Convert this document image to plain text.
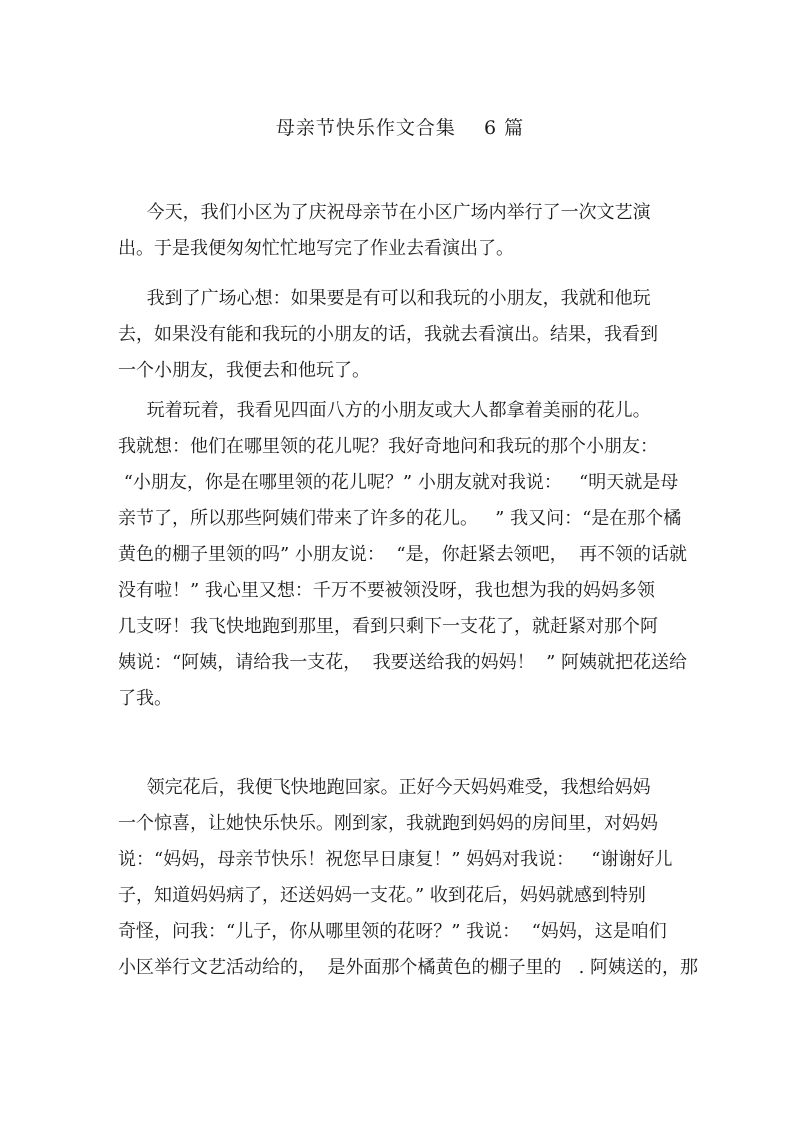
母亲节快乐作文合集    6 篇
今天，我们小区为了庆祝母亲节在小区广场内举行了一次文艺演
出。于是我便匆匆忙忙地写完了作业去看演出了。
我到了广场心想：如果要是有可以和我玩的小朋友，我就和他玩
去，如果没有能和我玩的小朋友的话，我就去看演出。结果，我看到
一个小朋友，我便去和他玩了。
玩着玩着，我看见四面八方的小朋友或大人都拿着美丽的花儿。
我就想：他们在哪里领的花儿呢？我好奇地问和我玩的那个小朋友：
“小朋友，你是在哪里领的花儿呢？” 小朋友就对我说：   “明天就是母
亲节了，所以那些阿姨们带来了许多的花儿。   ” 我又问：“是在那个橘
黄色的棚子里领的吗” 小朋友说：  “是，你赶紧去领吧，  再不领的话就
没有啦！” 我心里又想：千万不要被领没呀，我也想为我的妈妈多领
几支呀！我飞快地跑到那里，看到只剩下一支花了，就赶紧对那个阿
姨说：“阿姨，请给我一支花，  我要送给我的妈妈！  ” 阿姨就把花送给
了我。
领完花后，我便飞快地跑回家。正好今天妈妈难受，我想给妈妈
一个惊喜，让她快乐快乐。刚到家，我就跑到妈妈的房间里，对妈妈
说：“妈妈，母亲节快乐！祝您早日康复！” 妈妈对我说：   “谢谢好儿
子，知道妈妈病了，还送妈妈一支花。” 收到花后，妈妈就感到特别
奇怪，问我：“儿子，你从哪里领的花呀？” 我说：  “妈妈，这是咱们
小区举行文艺活动给的，  是外面那个橘黄色的棚子里的   . 阿姨送的，那
